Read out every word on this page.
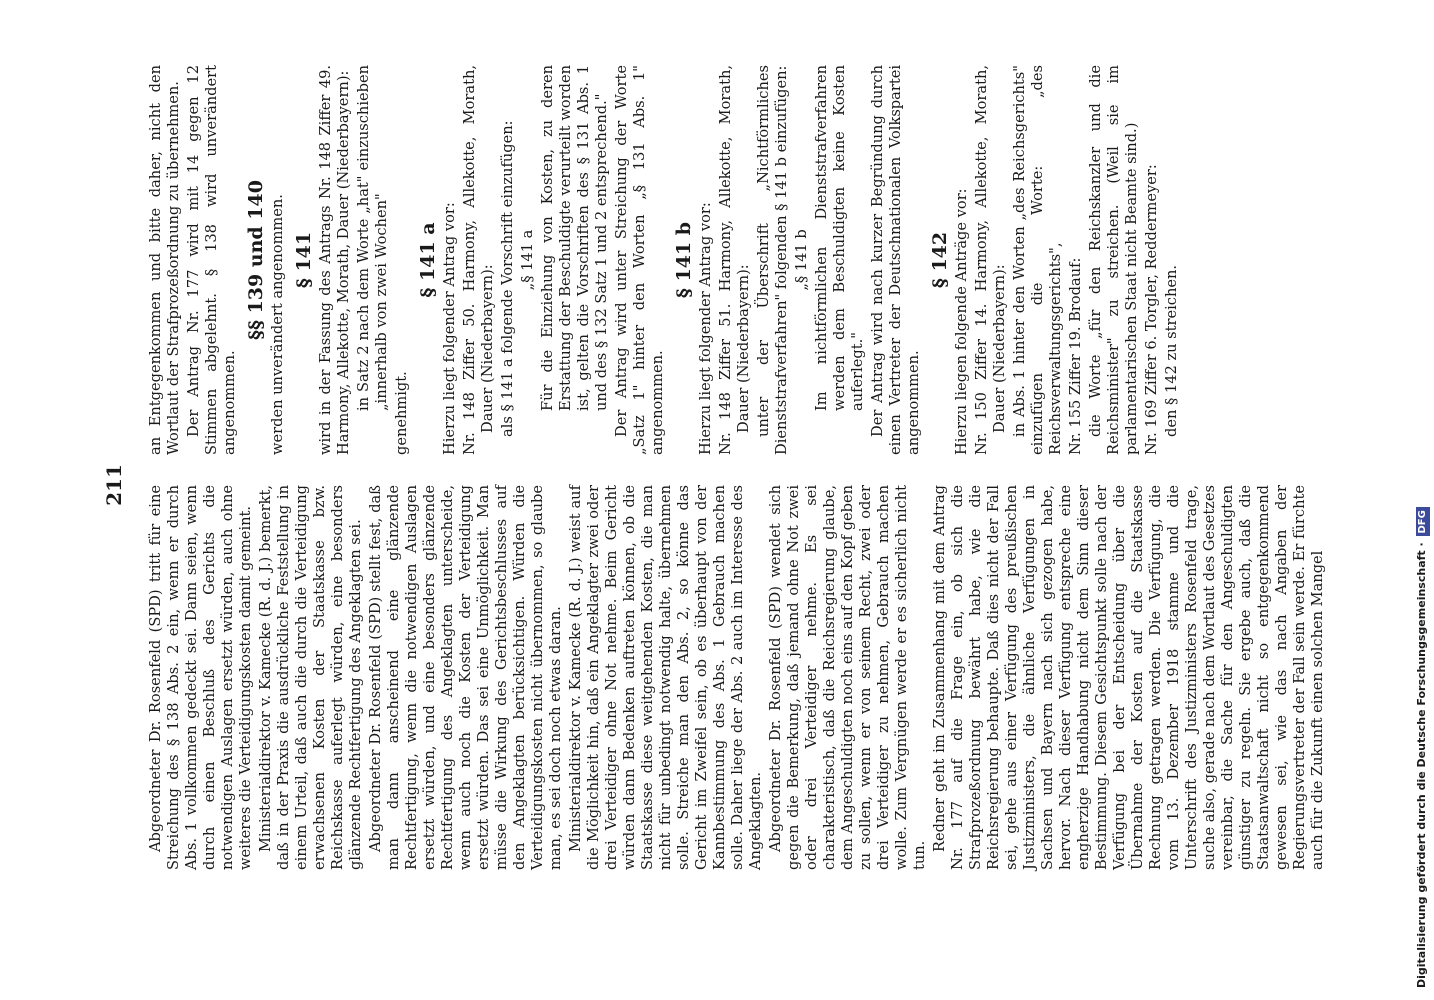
211 Abgeordneter Dr. Rosenfeld (SPD) tritt für eine Streichung des § 138 Abs. 2 ein, wenn er durch Abs. 1 vollkommen gedeckt sei. Dann seien, wenn durch einen Beschluß des Gerichts die notwendigen Auslagen ersetzt würden, auch ohne weiteres die Verteidigungskosten damit gemeint. Ministerialdirektor v. Kamecke (R. d. J.) bemerkt, daß in der Praxis die ausdrückliche Feststellung in einem Urteil, daß auch die durch die Verteidigung erwachsenen Kosten der Staatskasse bzw. Reichskasse auferlegt würden, eine besonders glänzende Rechtfertigung des Angeklagten sei. Abgeordneter Dr. Rosenfeld (SPD) stellt fest, daß man dann anscheinend eine glänzende Rechtfertigung, wenn die notwendigen Auslagen ersetzt würden, und eine besonders glänzende Rechtfertigung des Angeklagten unterscheide, wenn auch noch die Kosten der Verteidigung ersetzt würden. Das sei eine Unmöglichkeit. Man müsse die Wirkung des Gerichtsbeschlusses auf den Angeklagten berücksichtigen. Würden die Verteidigungskosten nicht übernommen, so glaube man, es sei doch noch etwas daran. Ministerialdirektor v. Kamecke (R. d. J.) weist auf die Möglichkeit hin, daß ein Angeklagter zwei oder drei Verteidiger ohne Not nehme. Beim Gericht würden dann Bedenken auftreten können, ob die Staatskasse diese weitgehenden Kosten, die man nicht für unbedingt notwendig halte, übernehmen solle. Streiche man den Abs. 2, so könne das Gericht im Zweifel sein, ob es überhaupt von der Kannbestimmung des Abs. 1 Gebrauch machen solle. Daher liege der Abs. 2 auch im Interesse des Angeklagten. Abgeordneter Dr. Rosenfeld (SPD) wendet sich gegen die Bemerkung, daß jemand ohne Not zwei oder drei Verteidiger nehme. Es sei charakteristisch, daß die Reichsregierung glaube, dem Angeschuldigten noch eins auf den Kopf geben zu sollen, wenn er von seinem Recht, zwei oder drei Verteidiger zu nehmen, Gebrauch machen wolle. Zum Vergnügen werde er es sicherlich nicht tun.

Redner geht im Zusammenhang mit dem Antrag Nr. 177 auf die Frage ein, ob sich die Strafprozeßordnung bewährt habe, wie die Reichsregierung behaupte. Daß dies nicht der Fall sei, gehe aus einer Verfügung des preußischen Justizministers, die ähnliche Verfügungen in Sachsen und Bayern nach sich gezogen habe, hervor. Nach dieser Verfügung entspreche eine engherzige Handhabung nicht dem Sinn dieser Bestimmung. Diesem Gesichtspunkt solle nach der Verfügung bei der Entscheidung über die Übernahme der Kosten auf die Staatskasse Rechnung getragen werden. Die Verfügung, die vom 13. Dezember 1918 stamme und die Unterschrift des Justizministers Rosenfeld trage, suche also, gerade nach dem Wortlaut des Gesetzes vereinbar, die Sache für den Angeschuldigten günstiger zu regeln. Sie ergebe auch, daß die Staatsanwaltschaft nicht so entgegenkommend gewesen sei, wie das nach Angaben der Regierungsvertreter der Fall sein werde. Er fürchte auch für die Zukunft einen solchen Mangel

an Entgegenkommen und bitte daher, nicht den Wortlaut der Strafprozeßordnung zu übernehmen. Der Antrag Nr. 177 wird mit 14 gegen 12 Stimmen abgelehnt. § 138 wird unverändert angenommen.

§§ 139 und 140 werden unverändert angenommen. § 141 wird in der Fassung des Antrags Nr. 148 Ziffer 49. Harmony, Allekotte, Morath, Dauer (Niederbayern): in Satz 2 nach dem Worte „hat" einzuschieben „innerhalb von zwei Wochen"

genehmigt.

§ 141 a Hierzu liegt folgender Antrag vor: Nr. 148 Ziffer 50. Harmony, Allekotte, Morath, Dauer (Niederbayern): als § 141 a folgende Vorschrift einzufügen: „§ 141 a Für die Einziehung von Kosten, zu deren Erstattung der Beschuldigte verurteilt worden ist, gelten die Vorschriften des § 131 Abs. 1 und des § 132 Satz 1 und 2 entsprechend." Der Antrag wird unter Streichung der Worte „Satz 1" hinter den Worten „§ 131 Abs. 1" angenommen.

§ 141 b Hierzu liegt folgender Antrag vor: Nr. 148 Ziffer 51. Harmony, Allekotte, Morath, Dauer (Niederbayern): unter der Überschrift „Nichtförmliches Dienststrafverfahren" folgenden § 141 b einzufügen: „§ 141 b Im nichtförmlichen Dienststrafverfahren werden dem Beschuldigten keine Kosten auferlegt." Der Antrag wird nach kurzer Begründung durch einen Vertreter der Deutschnationalen Volkspartei angenommen.

§ 142 Hierzu liegen folgende Anträge vor: Nr. 150 Ziffer 14. Harmony, Allekotte, Morath, Dauer (Niederbayern): in Abs. 1 hinter den Worten „des Reichsgerichts" einzufügen die Worte: „des Reichsverwaltungsgerichts", Nr. 155 Ziffer 19. Brodauf: die Worte „für den Reichskanzler und die Reichsminister" zu streichen. (Weil sie im parlamentarischen Staat nicht Beamte sind.) Nr. 169 Ziffer 6. Torgler, Reddermeyer: den § 142 zu streichen.

Digitalisierung gefördert durch die Deutsche Forschungsgemeinschaft · DFG
